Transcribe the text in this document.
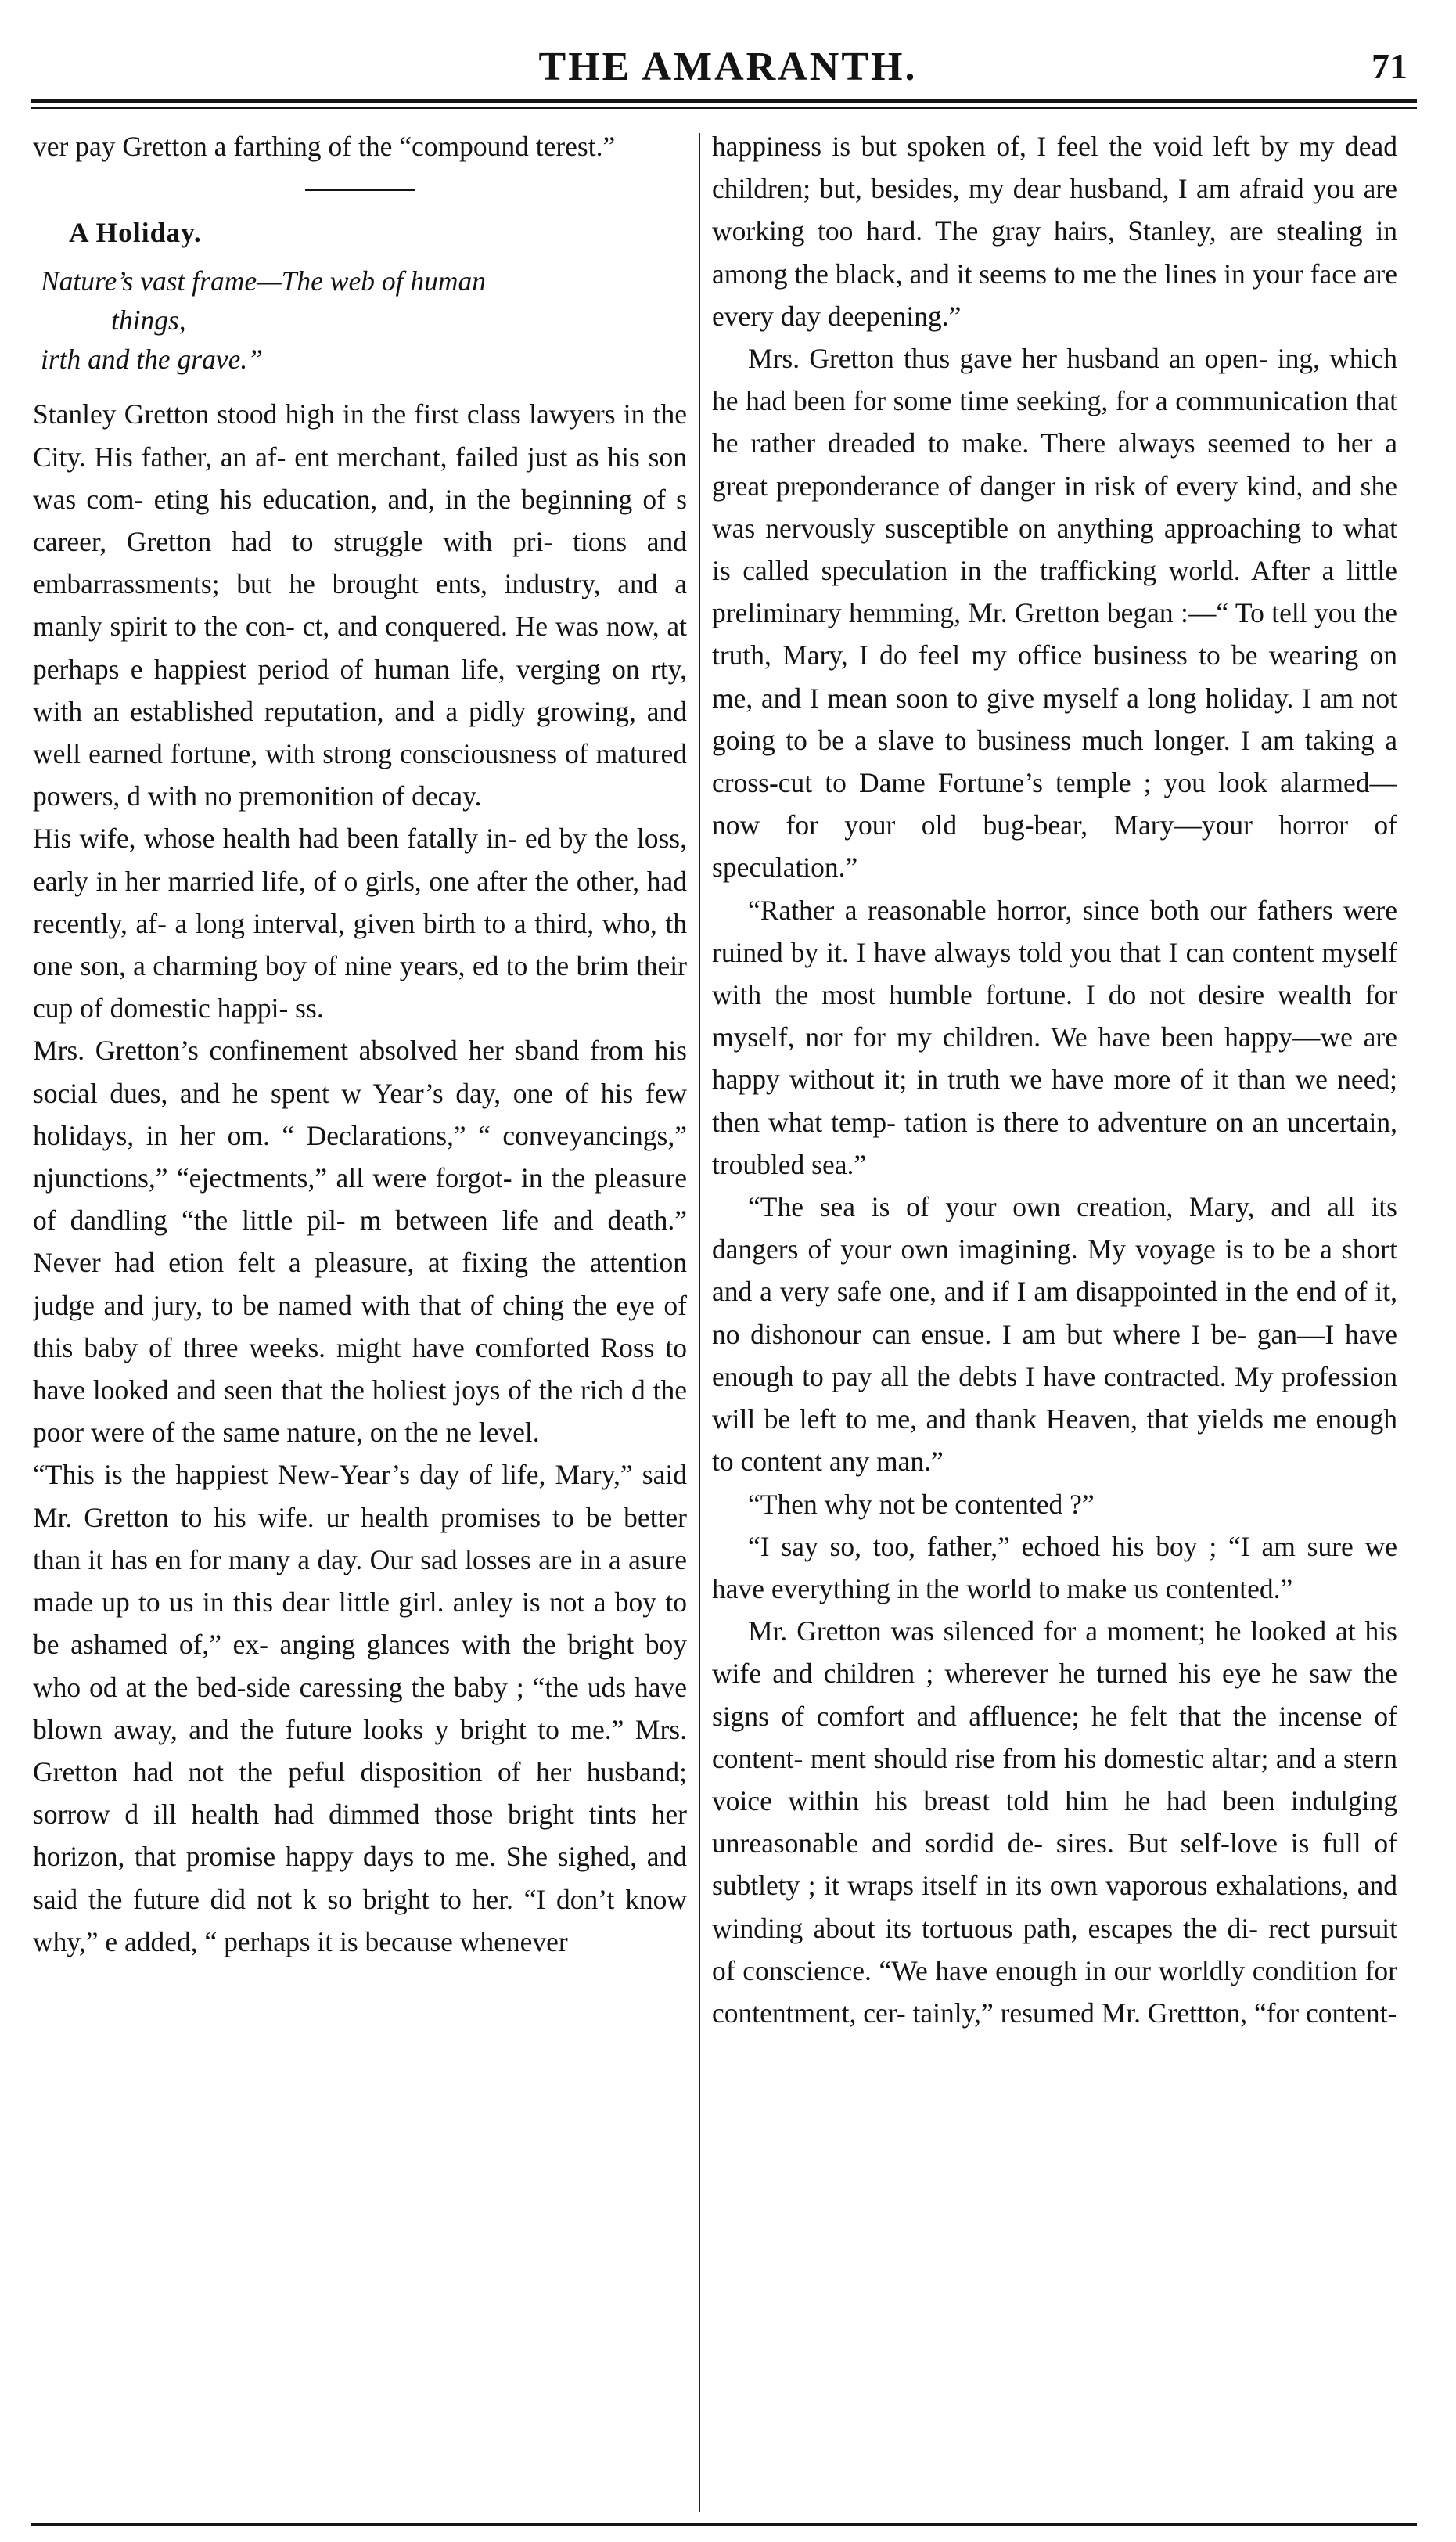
THE AMARANTH.	71

ver pay Gretton a farthing of the “compound terest.”

A Holiday.

Nature’s vast frame—The web of human
things,
irth and the grave.”

Stanley Gretton stood high in the first class lawyers in the City. His father, an af- ent merchant, failed just as his son was com- eting his education, and, in the beginning of s career, Gretton had to struggle with pri- tions and embarrassments; but he brought ents, industry, and a manly spirit to the con- ct, and conquered. He was now, at perhaps e happiest period of human life, verging on rty, with an established reputation, and a pidly growing, and well earned fortune, with strong consciousness of matured powers, d with no premonition of decay.

His wife, whose health had been fatally in- ed by the loss, early in her married life, of o girls, one after the other, had recently, af- a long interval, given birth to a third, who, th one son, a charming boy of nine years, ed to the brim their cup of domestic happi- ss.

Mrs. Gretton’s confinement absolved her sband from his social dues, and he spent w Year’s day, one of his few holidays, in her om. “ Declarations,” “ conveyancings,” njunctions,” “ejectments,” all were forgot- in the pleasure of dandling “the little pil- m between life and death.” Never had etion felt a pleasure, at fixing the attention judge and jury, to be named with that of ching the eye of this baby of three weeks. might have comforted Ross to have looked and seen that the holiest joys of the rich d the poor were of the same nature, on the ne level.

“This is the happiest New-Year’s day of life, Mary,” said Mr. Gretton to his wife. ur health promises to be better than it has en for many a day. Our sad losses are in a asure made up to us in this dear little girl. anley is not a boy to be ashamed of,” ex- anging glances with the bright boy who od at the bed-side caressing the baby ; “the uds have blown away, and the future looks y bright to me.” Mrs. Gretton had not the peful disposition of her husband; sorrow d ill health had dimmed those bright tints her horizon, that promise happy days to me. She sighed, and said the future did not k so bright to her. “I don’t know why,” e added, “ perhaps it is because whenever

happiness is but spoken of, I feel the void left by my dead children; but, besides, my dear husband, I am afraid you are working too hard. The gray hairs, Stanley, are stealing in among the black, and it seems to me the lines in your face are every day deepening.”

Mrs. Gretton thus gave her husband an open- ing, which he had been for some time seeking, for a communication that he rather dreaded to make. There always seemed to her a great preponderance of danger in risk of every kind, and she was nervously susceptible on anything approaching to what is called speculation in the trafficking world. After a little preliminary hemming, Mr. Gretton began :—“ To tell you the truth, Mary, I do feel my office business to be wearing on me, and I mean soon to give myself a long holiday. I am not going to be a slave to business much longer. I am taking a cross-cut to Dame Fortune’s temple ; you look alarmed—now for your old bug-bear, Mary—your horror of speculation.”

“Rather a reasonable horror, since both our fathers were ruined by it. I have always told you that I can content myself with the most humble fortune. I do not desire wealth for myself, nor for my children. We have been happy—we are happy without it; in truth we have more of it than we need; then what temp- tation is there to adventure on an uncertain, troubled sea.”

“The sea is of your own creation, Mary, and all its dangers of your own imagining. My voyage is to be a short and a very safe one, and if I am disappointed in the end of it, no dishonour can ensue. I am but where I be- gan—I have enough to pay all the debts I have contracted. My profession will be left to me, and thank Heaven, that yields me enough to content any man.”

“Then why not be contented ?”

“I say so, too, father,” echoed his boy ; “I am sure we have everything in the world to make us contented.”

Mr. Gretton was silenced for a moment; he looked at his wife and children ; wherever he turned his eye he saw the signs of comfort and affluence; he felt that the incense of content- ment should rise from his domestic altar; and a stern voice within his breast told him he had been indulging unreasonable and sordid de- sires. But self-love is full of subtlety ; it wraps itself in its own vaporous exhalations, and winding about its tortuous path, escapes the di- rect pursuit of conscience. “We have enough in our worldly condition for contentment, cer- tainly,” resumed Mr. Grettton, “for content-
